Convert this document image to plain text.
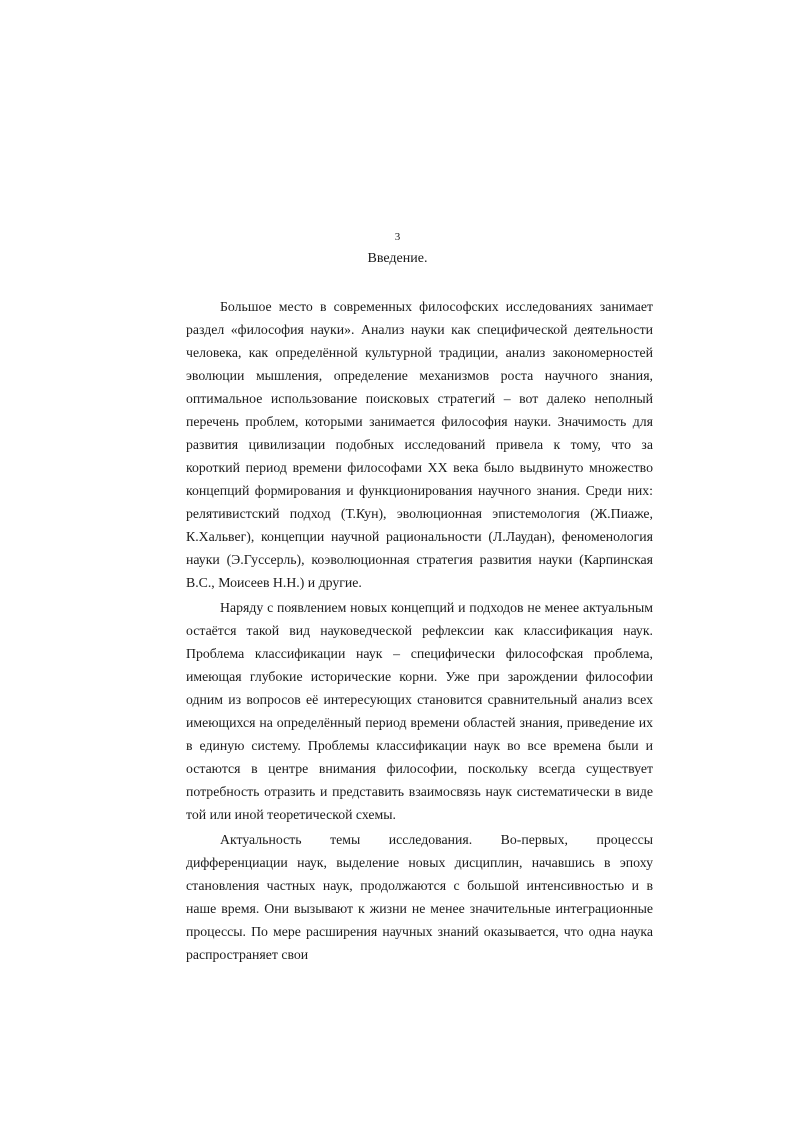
3
Введение.

Большое место в современных философских исследованиях занимает раздел «философия науки». Анализ науки как специфической деятельности человека, как определённой культурной традиции, анализ закономерностей эволюции мышления, определение механизмов роста научного знания, оптимальное использование поисковых стратегий – вот далеко неполный перечень проблем, которыми занимается философия науки. Значимость для развития цивилизации подобных исследований привела к тому, что за короткий период времени философами XX века было выдвинуто множество концепций формирования и функционирования научного знания. Среди них: релятивистский подход (Т.Кун), эволюционная эпистемология (Ж.Пиаже, К.Хальвег), концепции научной рациональности (Л.Лаудан), феноменология науки (Э.Гуссерль), коэволюционная стратегия развития науки (Карпинская В.С., Моисеев Н.Н.) и другие.

Наряду с появлением новых концепций и подходов не менее актуальным остаётся такой вид науковедческой рефлексии как классификация наук. Проблема классификации наук – специфически философская проблема, имеющая глубокие исторические корни. Уже при зарождении философии одним из вопросов её интересующих становится сравнительный анализ всех имеющихся на определённый период времени областей знания, приведение их в единую систему. Проблемы классификации наук во все времена были и остаются в центре внимания философии, поскольку всегда существует потребность отразить и представить взаимосвязь наук систематически в виде той или иной теоретической схемы.

Актуальность темы исследования. Во-первых, процессы дифференциации наук, выделение новых дисциплин, начавшись в эпоху становления частных наук, продолжаются с большой интенсивностью и в наше время. Они вызывают к жизни не менее значительные интеграционные процессы. По мере расширения научных знаний оказывается, что одна наука распространяет свои
